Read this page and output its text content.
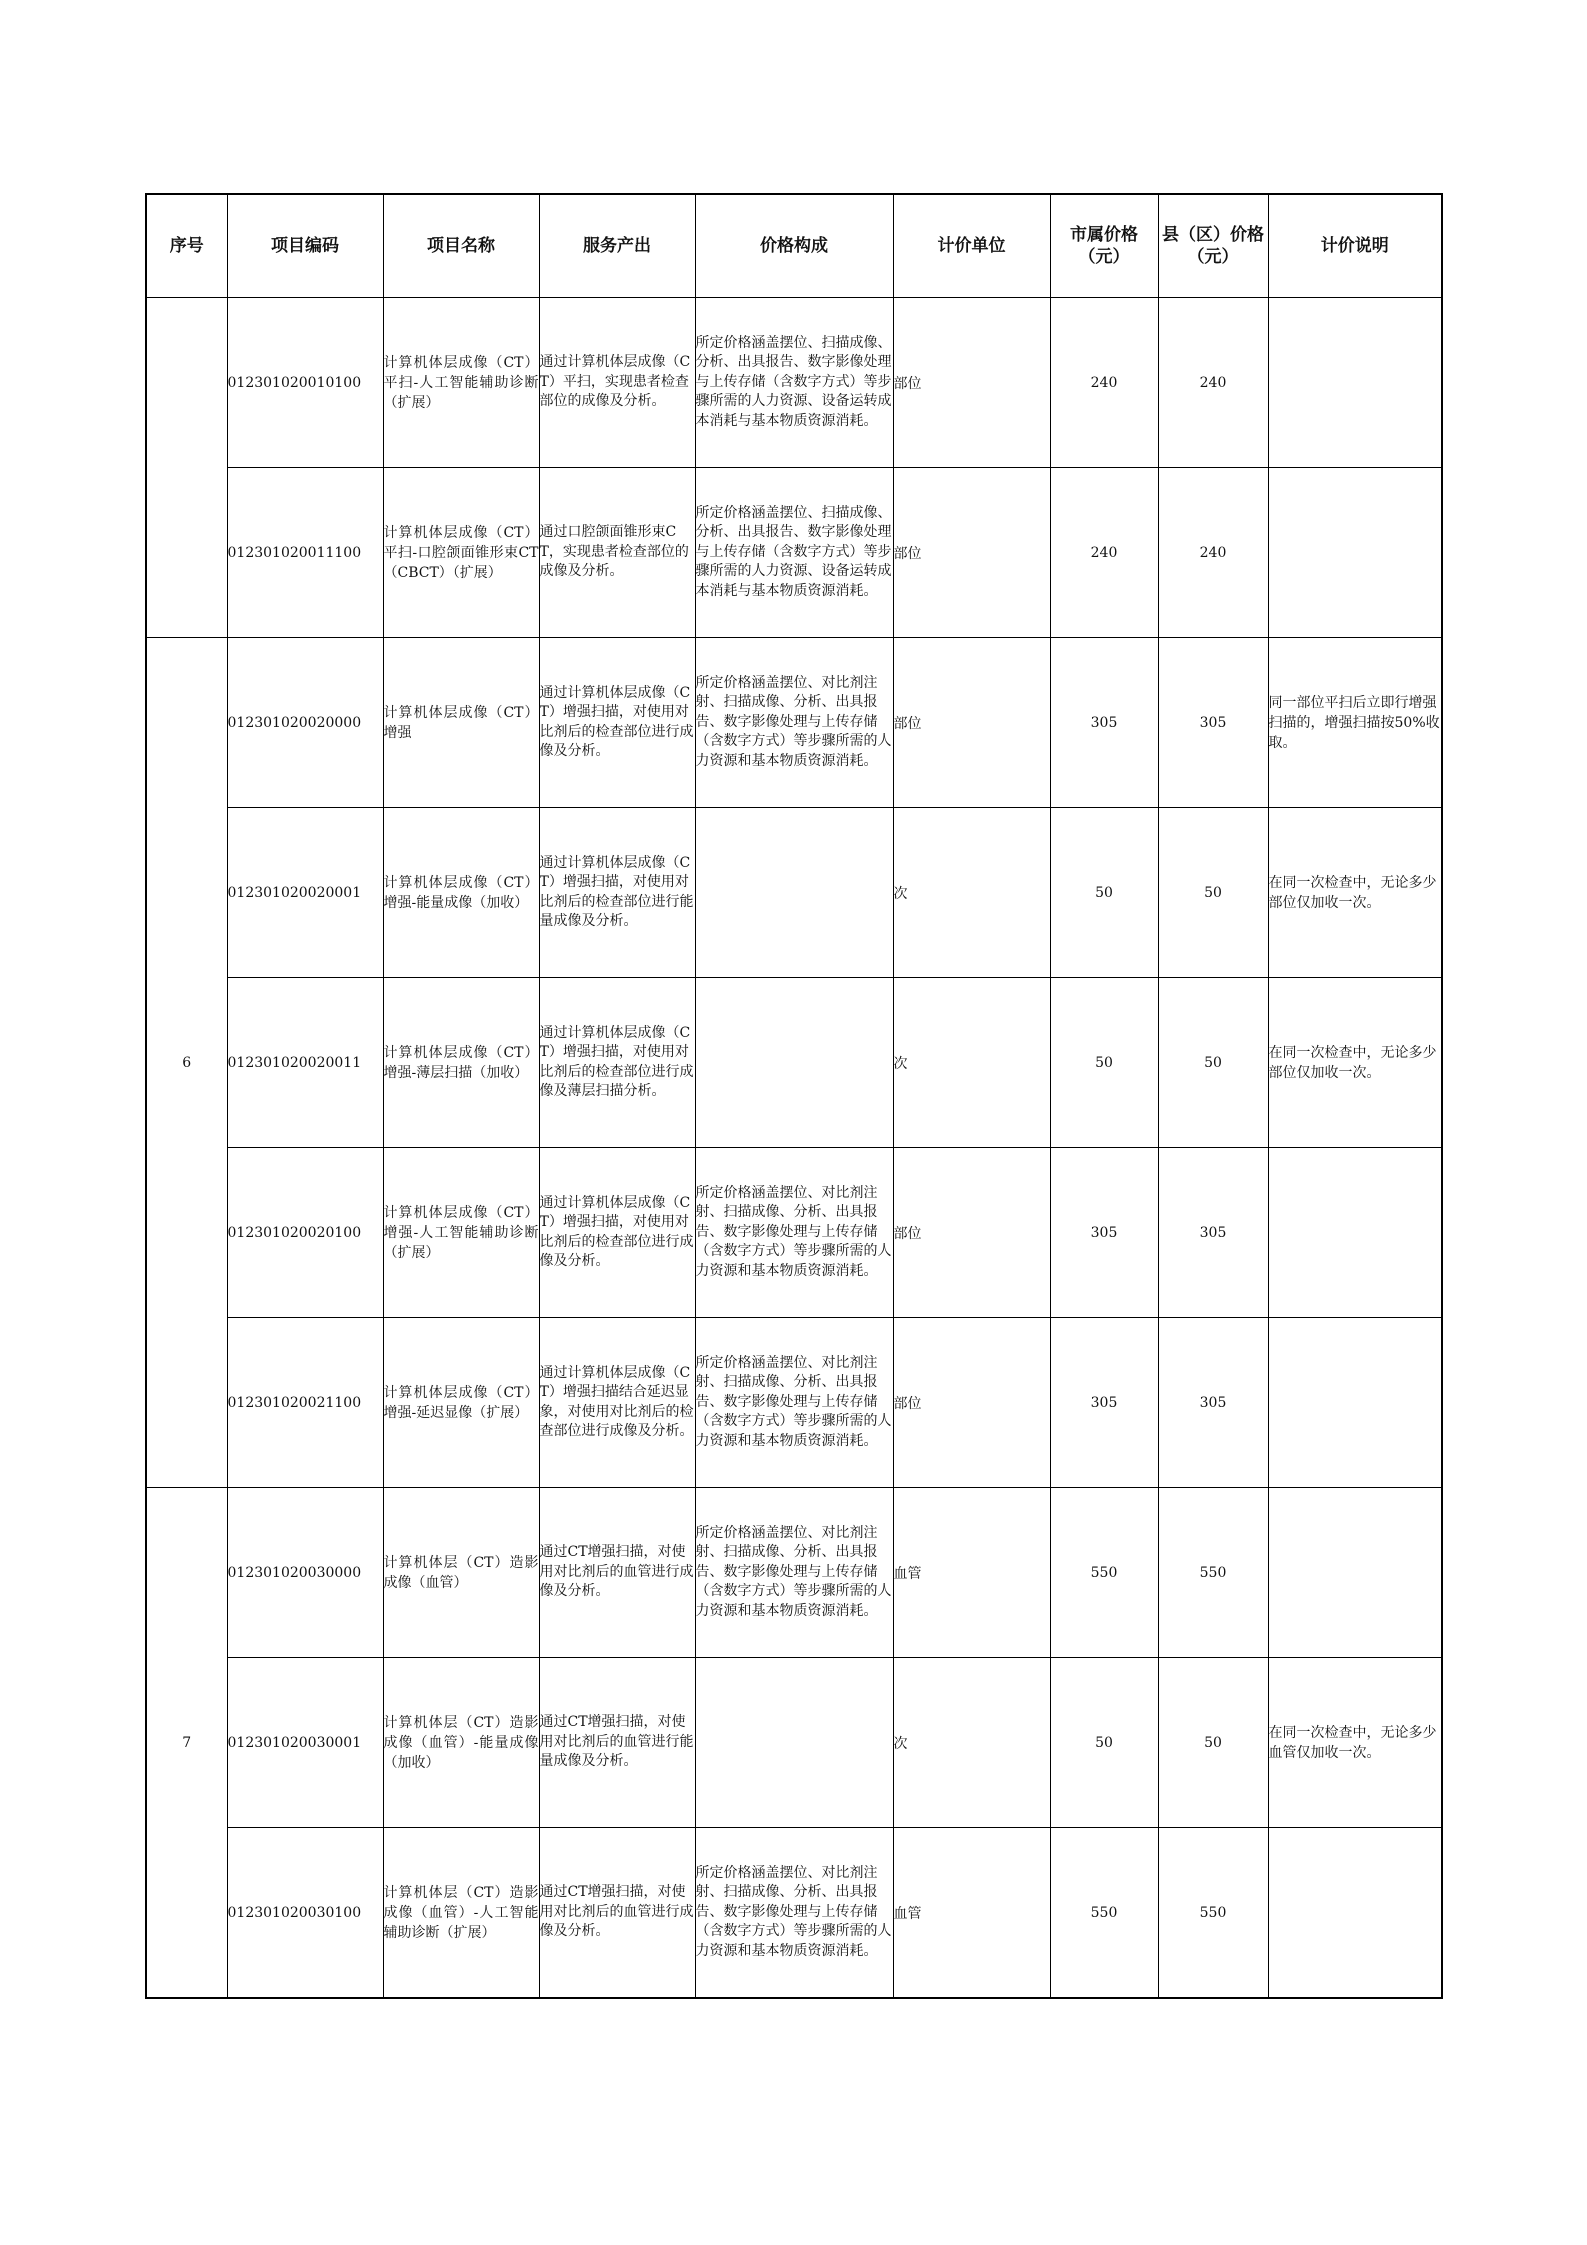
序号	项目编码	项目名称	服务产出	价格构成	计价单位	市属价格（元）	县（区）价格（元）	计价说明
	012301020010100	计算机体层成像（CT）平扫-人工智能辅助诊断（扩展）	通过计算机体层成像（CT）平扫，实现患者检查部位的成像及分析。	所定价格涵盖摆位、扫描成像、分析、出具报告、数字影像处理与上传存储（含数字方式）等步骤所需的人力资源、设备运转成本消耗与基本物质资源消耗。	部位	240	240	
	012301020011100	计算机体层成像（CT）平扫-口腔颌面锥形束CT（CBCT）（扩展）	通过口腔颌面锥形束CT，实现患者检查部位的成像及分析。	所定价格涵盖摆位、扫描成像、分析、出具报告、数字影像处理与上传存储（含数字方式）等步骤所需的人力资源、设备运转成本消耗与基本物质资源消耗。	部位	240	240	
6	012301020020000	计算机体层成像（CT）增强	通过计算机体层成像（CT）增强扫描，对使用对比剂后的检查部位进行成像及分析。	所定价格涵盖摆位、对比剂注射、扫描成像、分析、出具报告、数字影像处理与上传存储（含数字方式）等步骤所需的人力资源和基本物质资源消耗。	部位	305	305	同一部位平扫后立即行增强扫描的，增强扫描按50%收取。
	012301020020001	计算机体层成像（CT）增强-能量成像（加收）	通过计算机体层成像（CT）增强扫描，对使用对比剂后的检查部位进行能量成像及分析。		次	50	50	在同一次检查中，无论多少部位仅加收一次。
	012301020020011	计算机体层成像（CT）增强-薄层扫描（加收）	通过计算机体层成像（CT）增强扫描，对使用对比剂后的检查部位进行成像及薄层扫描分析。		次	50	50	在同一次检查中，无论多少部位仅加收一次。
	012301020020100	计算机体层成像（CT）增强-人工智能辅助诊断（扩展）	通过计算机体层成像（CT）增强扫描，对使用对比剂后的检查部位进行成像及分析。	所定价格涵盖摆位、对比剂注射、扫描成像、分析、出具报告、数字影像处理与上传存储（含数字方式）等步骤所需的人力资源和基本物质资源消耗。	部位	305	305	
	012301020021100	计算机体层成像（CT）增强-延迟显像（扩展）	通过计算机体层成像（CT）增强扫描结合延迟显象，对使用对比剂后的检查部位进行成像及分析。	所定价格涵盖摆位、对比剂注射、扫描成像、分析、出具报告、数字影像处理与上传存储（含数字方式）等步骤所需的人力资源和基本物质资源消耗。	部位	305	305	
7	012301020030000	计算机体层（CT）造影成像（血管）	通过CT增强扫描，对使用对比剂后的血管进行成像及分析。	所定价格涵盖摆位、对比剂注射、扫描成像、分析、出具报告、数字影像处理与上传存储（含数字方式）等步骤所需的人力资源和基本物质资源消耗。	血管	550	550	
	012301020030001	计算机体层（CT）造影成像（血管）-能量成像（加收）	通过CT增强扫描，对使用对比剂后的血管进行能量成像及分析。		次	50	50	在同一次检查中，无论多少血管仅加收一次。
	012301020030100	计算机体层（CT）造影成像（血管）-人工智能辅助诊断（扩展）	通过CT增强扫描，对使用对比剂后的血管进行成像及分析。	所定价格涵盖摆位、对比剂注射、扫描成像、分析、出具报告、数字影像处理与上传存储（含数字方式）等步骤所需的人力资源和基本物质资源消耗。	血管	550	550	
